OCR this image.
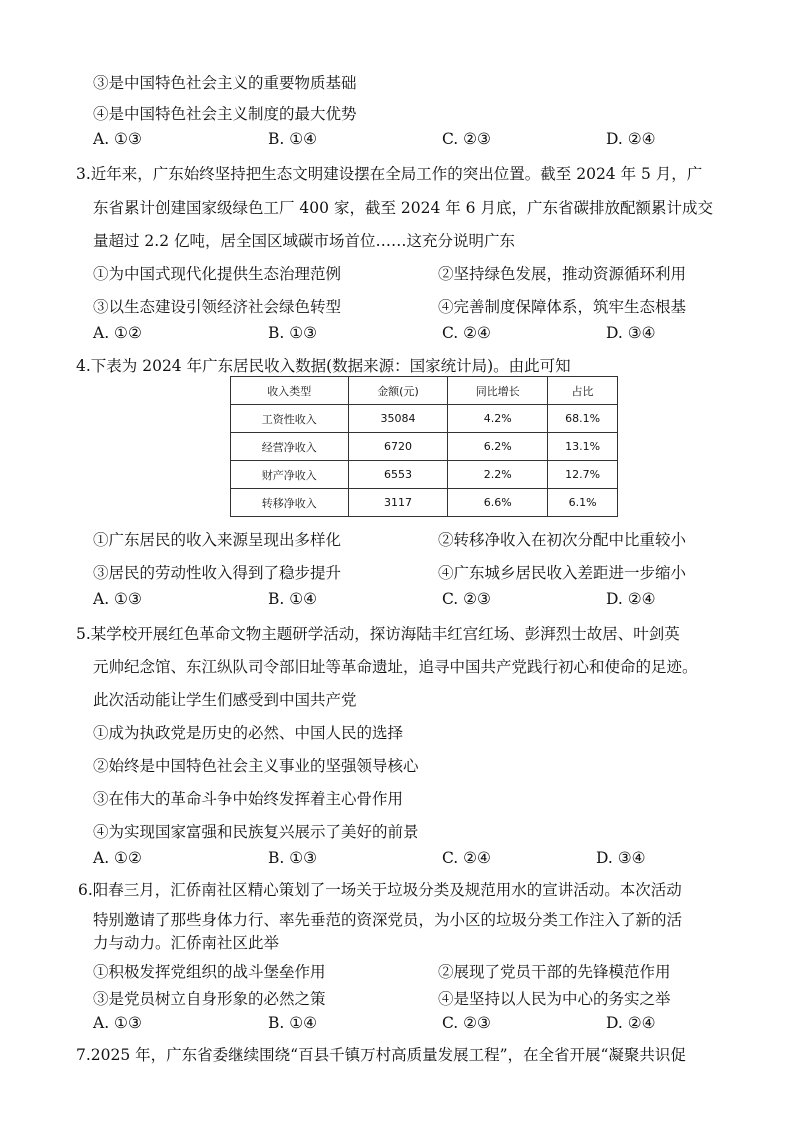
③是中国特色社会主义的重要物质基础
④是中国特色社会主义制度的最大优势
A. ①③	B. ①④	C. ②③	D. ②④
3.近年来，广东始终坚持把生态文明建设摆在全局工作的突出位置。截至 2024 年 5 月，广
东省累计创建国家级绿色工厂 400 家，截至 2024 年 6 月底，广东省碳排放配额累计成交
量超过 2.2 亿吨，居全国区域碳市场首位……这充分说明广东
①为中国式现代化提供生态治理范例	②坚持绿色发展，推动资源循环利用
③以生态建设引领经济社会绿色转型	④完善制度保障体系，筑牢生态根基
A. ①②	B. ①③	C. ②④	D. ③④
4.下表为 2024 年广东居民收入数据(数据来源：国家统计局)。由此可知
收入类型	金额(元)	同比增长	占比
工资性收入	35084	4.2%	68.1%
经营净收入	6720	6.2%	13.1%
财产净收入	6553	2.2%	12.7%
转移净收入	3117	6.6%	6.1%
①广东居民的收入来源呈现出多样化	②转移净收入在初次分配中比重较小
③居民的劳动性收入得到了稳步提升	④广东城乡居民收入差距进一步缩小
A. ①③	B. ①④	C. ②③	D. ②④
5.某学校开展红色革命文物主题研学活动，探访海陆丰红宫红场、彭湃烈士故居、叶剑英
元帅纪念馆、东江纵队司令部旧址等革命遗址，追寻中国共产党践行初心和使命的足迹。
此次活动能让学生们感受到中国共产党
①成为执政党是历史的必然、中国人民的选择
②始终是中国特色社会主义事业的坚强领导核心
③在伟大的革命斗争中始终发挥着主心骨作用
④为实现国家富强和民族复兴展示了美好的前景
A. ①②	B. ①③	C. ②④	D. ③④
6.阳春三月，汇侨南社区精心策划了一场关于垃圾分类及规范用水的宣讲活动。本次活动
特别邀请了那些身体力行、率先垂范的资深党员，为小区的垃圾分类工作注入了新的活
力与动力。汇侨南社区此举
①积极发挥党组织的战斗堡垒作用	②展现了党员干部的先锋模范作用
③是党员树立自身形象的必然之策	④是坚持以人民为中心的务实之举
A. ①③	B. ①④	C. ②③	D. ②④
7.2025 年，广东省委继续围绕“百县千镇万村高质量发展工程”，在全省开展“凝聚共识促
